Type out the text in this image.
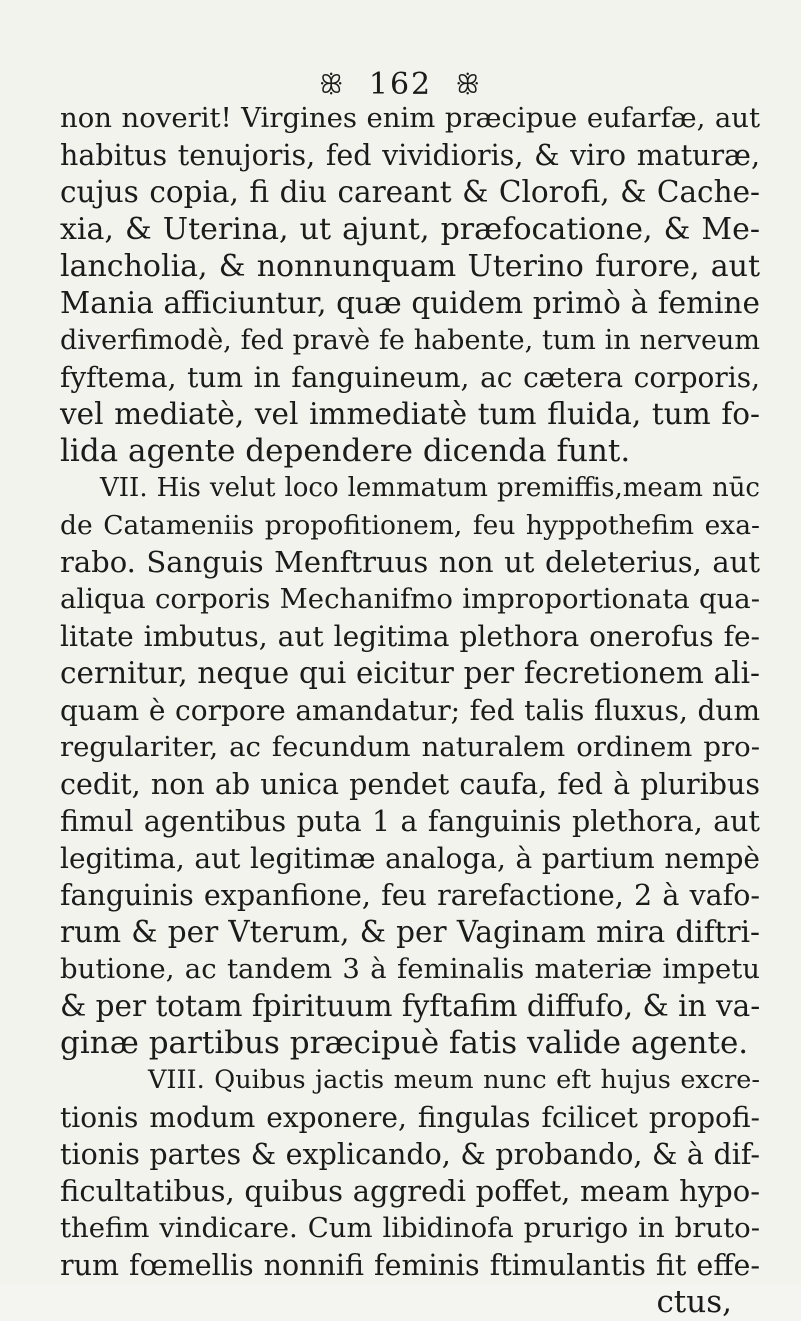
ꕥ 162 ꕥ
non noverit! Virgines enim præcipue eufarfæ, aut
habitus tenujoris, fed vividioris, & viro maturæ,
cujus copia, fi diu careant & Clorofi, & Cache-
xia, & Uterina, ut ajunt, præfocatione, & Me-
lancholia, & nonnunquam Uterino furore, aut
Mania afficiuntur, quæ quidem primò à femine
diverfimodè, fed pravè fe habente, tum in nerveum
fyftema, tum in fanguineum, ac cætera corporis,
vel mediatè, vel immediatè tum fluida, tum fo-
lida agente dependere dicenda funt.
VII. His velut loco lemmatum premiffis,meam nūc
de Catameniis propofitionem, feu hyppothefim exa-
rabo. Sanguis Menftruus non ut deleterius, aut
aliqua corporis Mechanifmo improportionata qua-
litate imbutus, aut legitima plethora onerofus fe-
cernitur, neque qui eicitur per fecretionem ali-
quam è corpore amandatur; fed talis fluxus, dum
regulariter, ac fecundum naturalem ordinem pro-
cedit, non ab unica pendet caufa, fed à pluribus
fimul agentibus puta 1 a fanguinis plethora, aut
legitima, aut legitimæ analoga, à partium nempè
fanguinis expanfione, feu rarefactione, 2 à vafo-
rum & per Vterum, & per Vaginam mira diftri-
butione, ac tandem 3 à feminalis materiæ impetu
& per totam fpirituum fyftafim diffufo, & in va-
ginæ partibus præcipuè fatis valide agente.
VIII. Quibus jactis meum nunc eft hujus excre-
tionis modum exponere, fingulas fcilicet propofi-
tionis partes & explicando, & probando, & à dif-
ficultatibus, quibus aggredi poffet, meam hypo-
thefim vindicare. Cum libidinofa prurigo in bruto-
rum fœmellis nonnifi feminis ftimulantis fit effe-
ctus,
